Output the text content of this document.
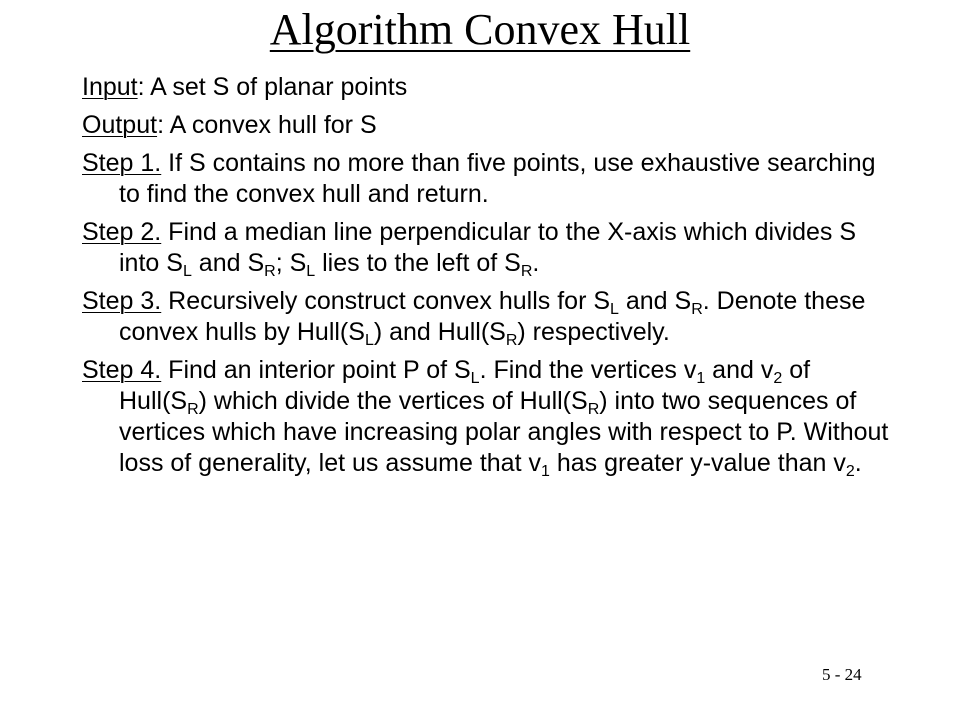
Algorithm Convex Hull

Input: A set S of planar points

Output: A convex hull for S

Step 1. If S contains no more than five points, use exhaustive searching to find the convex hull and return.

Step 2. Find a median line perpendicular to the X-axis which divides S into $S_L$ and $S_R$; $S_L$ lies to the left of $S_R$.

Step 3. Recursively construct convex hulls for $S_L$ and $S_R$. Denote these convex hulls by $Hull(S_L)$ and $Hull(S_R)$ respectively.

Step 4. Find an interior point P of $S_L$. Find the vertices $v_1$ and $v_2$ of $Hull(S_R)$ which divide the vertices of $Hull(S_R)$ into two sequences of vertices which have increasing polar angles with respect to P. Without loss of generality, let us assume that $v_1$ has greater y-value than $v_2$.

5 - 24
